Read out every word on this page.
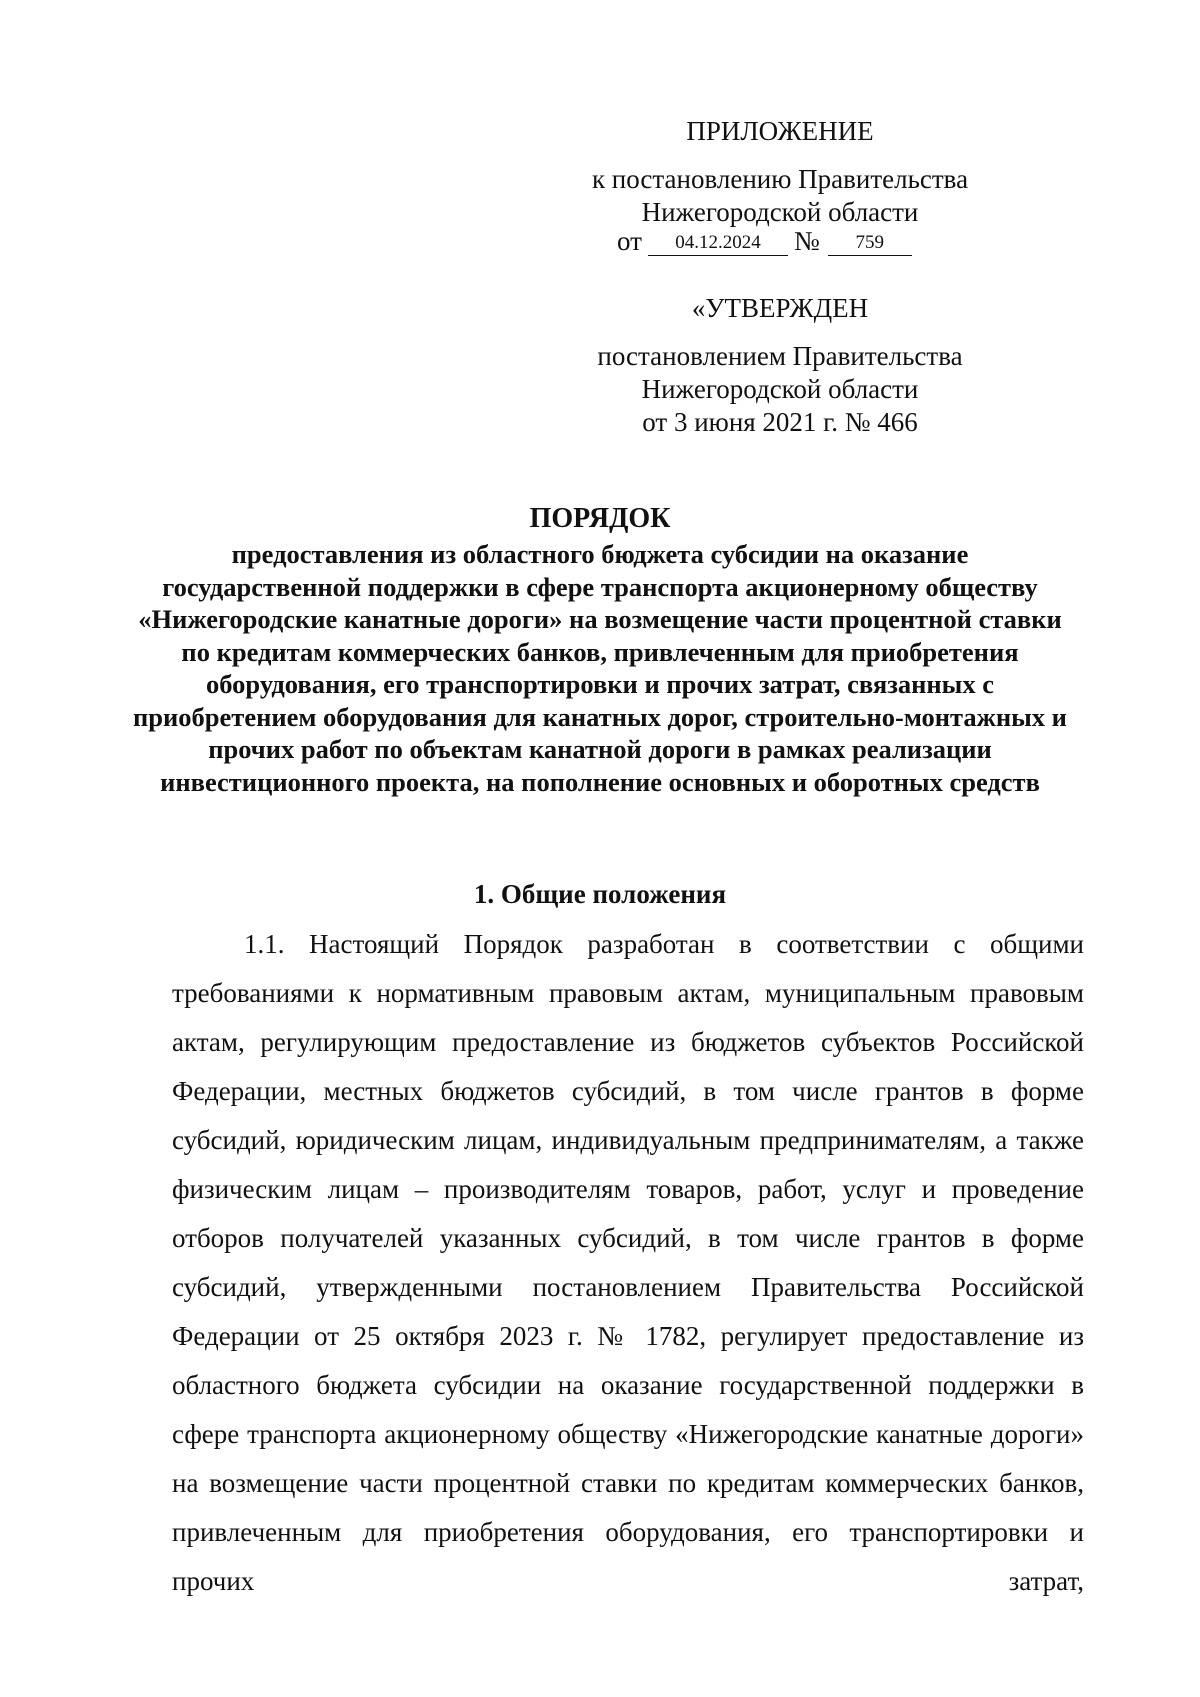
ПРИЛОЖЕНИЕ

к постановлению Правительства
Нижегородской области

от 04.12.2024 № 759

«УТВЕРЖДЕН

постановлением Правительства
Нижегородской области
от 3 июня 2021 г. № 466

ПОРЯДОК
предоставления из областного бюджета субсидии на оказание государственной поддержки в сфере транспорта акционерному обществу «Нижегородские канатные дороги» на возмещение части процентной ставки по кредитам коммерческих банков, привлеченным для приобретения оборудования, его транспортировки и прочих затрат, связанных с приобретением оборудования для канатных дорог, строительно-монтажных и прочих работ по объектам канатной дороги в рамках реализации инвестиционного проекта, на пополнение основных и оборотных средств
1. Общие положения

1.1. Настоящий Порядок разработан в соответствии с общими требованиями к нормативным правовым актам, муниципальным правовым актам, регулирующим предоставление из бюджетов субъектов Российской Федерации, местных бюджетов субсидий, в том числе грантов в форме субсидий, юридическим лицам, индивидуальным предпринимателям, а также физическим лицам – производителям товаров, работ, услуг и проведение отборов получателей указанных субсидий, в том числе грантов в форме субсидий, утвержденными постановлением Правительства Российской Федерации от 25 октября 2023 г. № 1782, регулирует предоставление из областного бюджета субсидии на оказание государственной поддержки в сфере транспорта акционерному обществу «Нижегородские канатные дороги» на возмещение части процентной ставки по кредитам коммерческих банков, привлеченным для приобретения оборудования, его транспортировки и прочих затрат,
